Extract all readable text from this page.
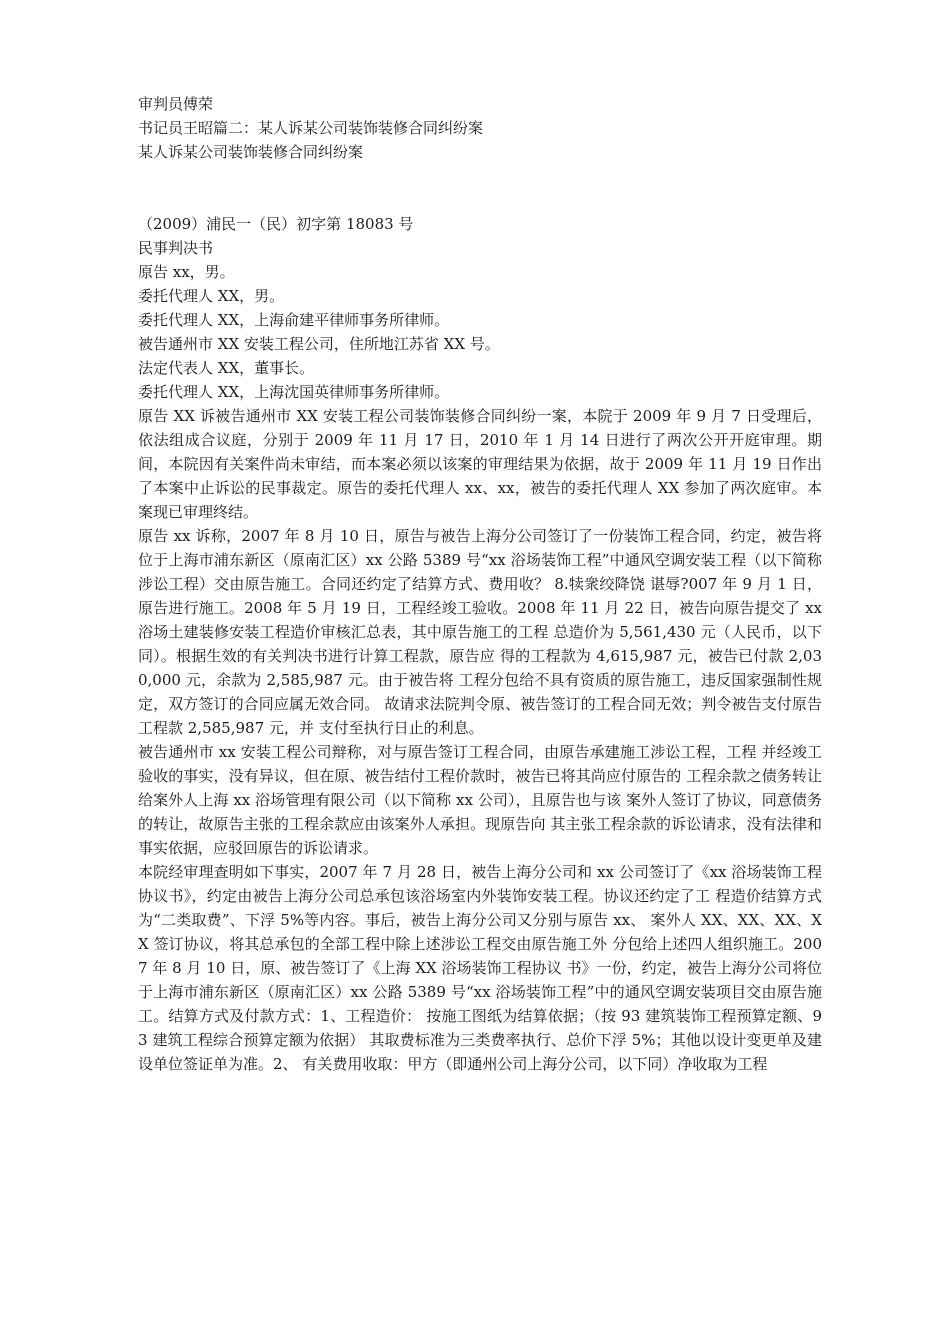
审判员傅荣

书记员王昭篇二：某人诉某公司装饰装修合同纠纷案

某人诉某公司装饰装修合同纠纷案

（2009）浦民一（民）初字第 18083 号

民事判决书

原告 xx，男。

委托代理人 XX，男。

委托代理人 XX，上海俞建平律师事务所律师。

被告通州市 XX 安装工程公司，住所地江苏省 XX 号。

法定代表人 XX，董事长。

委托代理人 XX，上海沈国英律师事务所律师。

原告 XX 诉被告通州市 XX 安装工程公司装饰装修合同纠纷一案，本院于 2009 年 9 月 7 日受理后，依法组成合议庭，分别于 2009 年 11 月 17 日，2010 年 1 月 14 日进行了两次公开开庭审理。期间，本院因有关案件尚未审结，而本案必须以该案的审理结果为依据，故于 2009 年 11 月 19 日作出了本案中止诉讼的民事裁定。原告的委托代理人 xx、xx，被告的委托代理人 XX 参加了两次庭审。本案现已审理终结。

原告 xx 诉称，2007 年 8 月 10 日，原告与被告上海分公司签订了一份装饰工程合同，约定，被告将位于上海市浦东新区（原南汇区）xx 公路 5389 号“xx 浴场装饰工程”中通风空调安装工程（以下简称涉讼工程）交由原告施工。合同还约定了结算方式、费用收？ 8.犊衆绞降饶 谌辱?007 年 9 月 1 日，原告进行施工。2008 年 5 月 19 日，工程经竣工验收。2008 年 11 月 22 日，被告向原告提交了 xx 浴场土建装修安装工程造价审核汇总表，其中原告施工的工程 总造价为 5,561,430 元（人民币，以下同）。根据生效的有关判决书进行计算工程款，原告应 得的工程款为 4,615,987 元，被告已付款 2,030,000 元，余款为 2,585,987 元。由于被告将 工程分包给不具有资质的原告施工，违反国家强制性规定，双方签订的合同应属无效合同。 故请求法院判令原、被告签订的工程合同无效；判令被告支付原告工程款 2,585,987 元，并 支付至执行日止的利息。

被告通州市 xx 安装工程公司辩称，对与原告签订工程合同，由原告承建施工涉讼工程，工程 并经竣工验收的事实，没有异议，但在原、被告结付工程价款时，被告已将其尚应付原告的 工程余款之债务转让给案外人上海 xx 浴场管理有限公司（以下简称 xx 公司），且原告也与该 案外人签订了协议，同意债务的转让，故原告主张的工程余款应由该案外人承担。现原告向 其主张工程余款的诉讼请求，没有法律和事实依据，应驳回原告的诉讼请求。

本院经审理查明如下事实，2007 年 7 月 28 日，被告上海分公司和 xx 公司签订了《xx 浴场装饰工程协议书》，约定由被告上海分公司总承包该浴场室内外装饰安装工程。协议还约定了工 程造价结算方式为“二类取费”、下浮 5%等内容。事后，被告上海分公司又分别与原告 xx、 案外人 XX、XX、XX、XX 签订协议，将其总承包的全部工程中除上述涉讼工程交由原告施工外 分包给上述四人组织施工。2007 年 8 月 10 日，原、被告签订了《上海 XX 浴场装饰工程协议 书》一份，约定，被告上海分公司将位于上海市浦东新区（原南汇区）xx 公路 5389 号“xx 浴场装饰工程”中的通风空调安装项目交由原告施工。结算方式及付款方式：1、工程造价： 按施工图纸为结算依据；（按 93 建筑装饰工程预算定额、93 建筑工程综合预算定额为依据） 其取费标准为三类费率执行、总价下浮 5%；其他以设计变更单及建设单位签证单为准。2、 有关费用收取：甲方（即通州公司上海分公司，以下同）净收取为工程
